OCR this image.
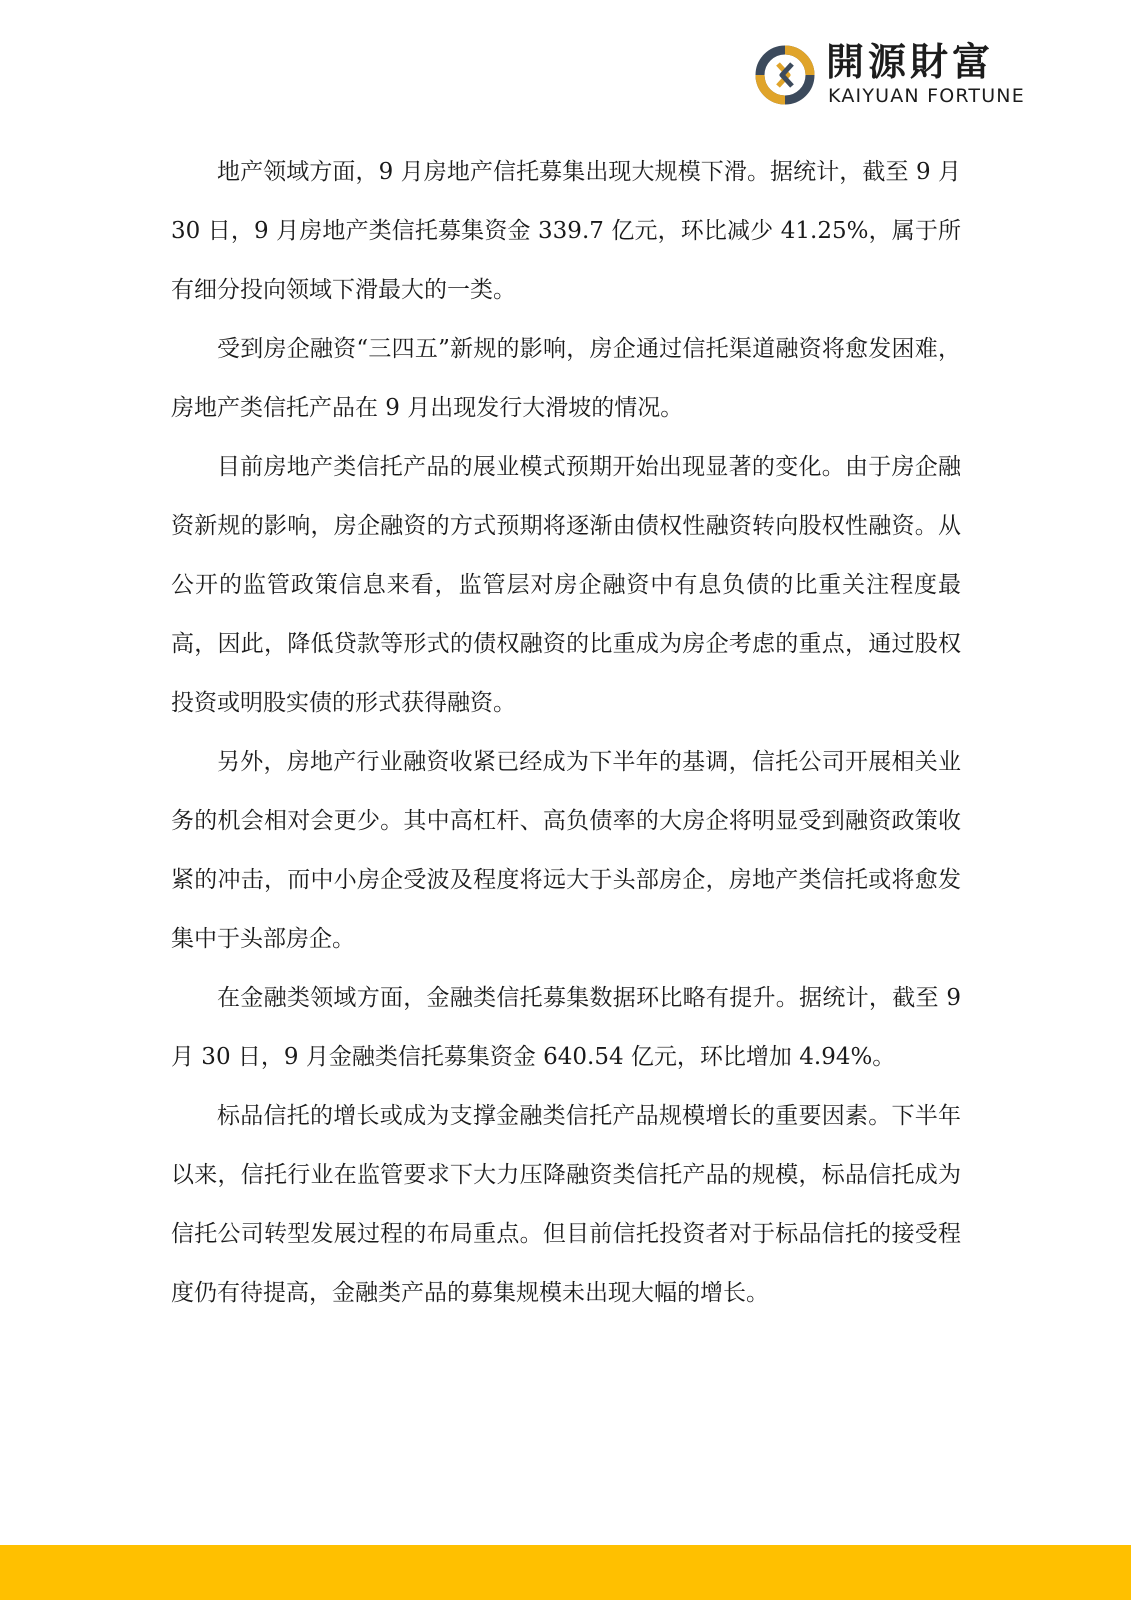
開源財富
KAIYUAN FORTUNE

地产领域方面，9 月房地产信托募集出现大规模下滑。据统计，截至 9 月 30 日，9 月房地产类信托募集资金 339.7 亿元，环比减少 41.25%，属于所有细分投向领域下滑最大的一类。

受到房企融资“三四五”新规的影响，房企通过信托渠道融资将愈发困难，房地产类信托产品在 9 月出现发行大滑坡的情况。

目前房地产类信托产品的展业模式预期开始出现显著的变化。由于房企融资新规的影响，房企融资的方式预期将逐渐由债权性融资转向股权性融资。从公开的监管政策信息来看，监管层对房企融资中有息负债的比重关注程度最高，因此，降低贷款等形式的债权融资的比重成为房企考虑的重点，通过股权投资或明股实债的形式获得融资。

另外，房地产行业融资收紧已经成为下半年的基调，信托公司开展相关业务的机会相对会更少。其中高杠杆、高负债率的大房企将明显受到融资政策收紧的冲击，而中小房企受波及程度将远大于头部房企，房地产类信托或将愈发集中于头部房企。

在金融类领域方面，金融类信托募集数据环比略有提升。据统计，截至 9 月 30 日，9 月金融类信托募集资金 640.54 亿元，环比增加 4.94%。

标品信托的增长或成为支撑金融类信托产品规模增长的重要因素。下半年以来，信托行业在监管要求下大力压降融资类信托产品的规模，标品信托成为信托公司转型发展过程的布局重点。但目前信托投资者对于标品信托的接受程度仍有待提高，金融类产品的募集规模未出现大幅的增长。
